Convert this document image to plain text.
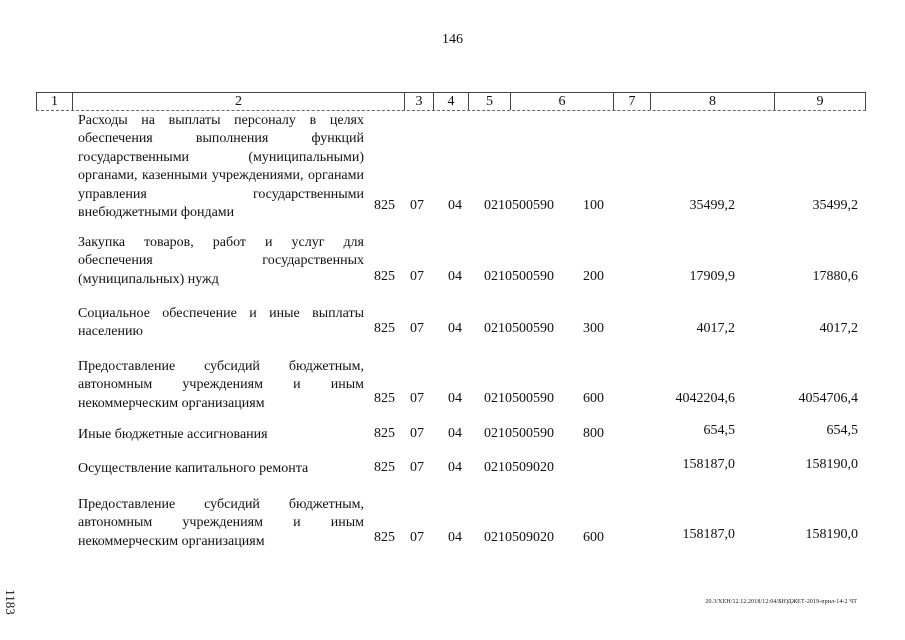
146
1	2	3	4	5	6	7	8	9
Расходы на выплаты персоналу в целях обеспечения выполнения функций государственными (муниципальными) органами, казенными учреждениями, органами управления государственными внебюджетными фондами	825 07 04 0210500590 100	35499,2	35499,2
Закупка товаров, работ и услуг для обеспечения государственных (муниципальных) нужд	825 07 04 0210500590 200	17909,9	17880,6
Социальное обеспечение и иные выплаты населению	825 07 04 0210500590 300	4017,2	4017,2
Предоставление субсидий бюджетным, автономным учреждениям и иным некоммерческим организациям	825 07 04 0210500590 600	4042204,6	4054706,4
Иные бюджетные ассигнования	825 07 04 0210500590 800	654,5	654,5
Осуществление капитального ремонта	825 07 04 0210509020	158187,0	158190,0
Предоставление субсидий бюджетным, автономным учреждениям и иным некоммерческим организациям	825 07 04 0210509020 600	158187,0	158190,0
20.3/ХЕН/12.12.2018/12:04/БЮДЖЕТ-2019-прил-14-2 ЧТ
1183
